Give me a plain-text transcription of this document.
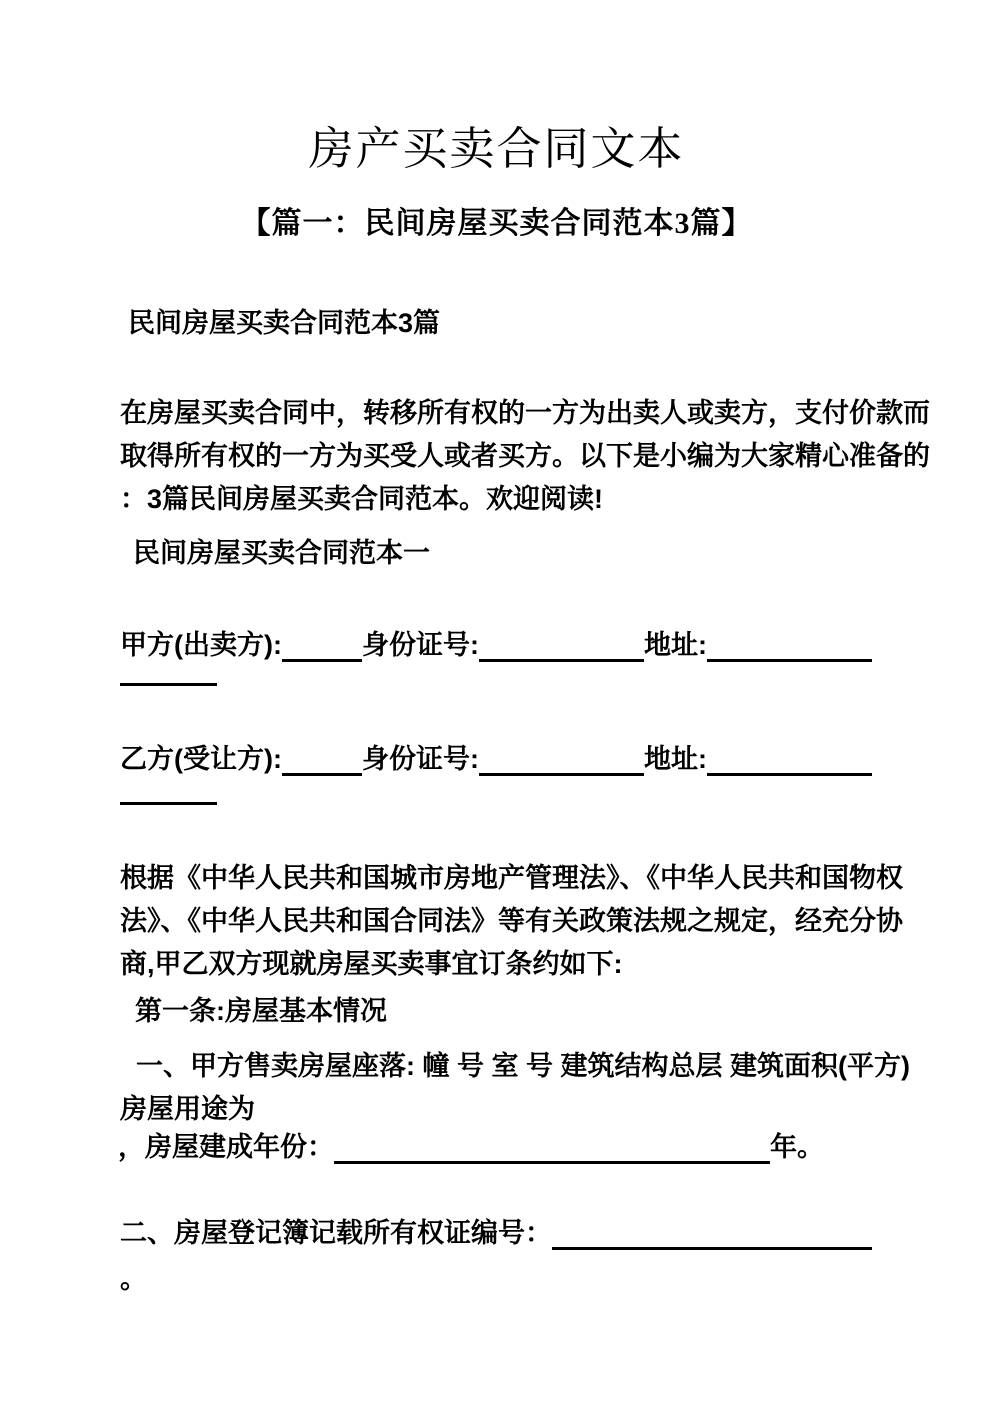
房产买卖合同文本
【篇一：民间房屋买卖合同范本3篇】
民间房屋买卖合同范本3篇
在房屋买卖合同中，转移所有权的一方为出卖人或卖方，支付价款而
取得所有权的一方为买受人或者买方。以下是小编为大家精心准备的
：3篇民间房屋买卖合同范本。欢迎阅读!
民间房屋买卖合同范本一
甲方(出卖方):	身份证号:	地址:
乙方(受让方):	身份证号:	地址:
根据《中华人民共和国城市房地产管理法》、《中华人民共和国物权
法》、《中华人民共和国合同法》等有关政策法规之规定，经充分协
商,甲乙双方现就房屋买卖事宜订条约如下:
第一条:房屋基本情况
一、甲方售卖房屋座落: 幢 号 室 号 建筑结构总层 建筑面积(平方)
房屋用途为
，房屋建成年份：	年。
二、房屋登记簿记载所有权证编号：
。
